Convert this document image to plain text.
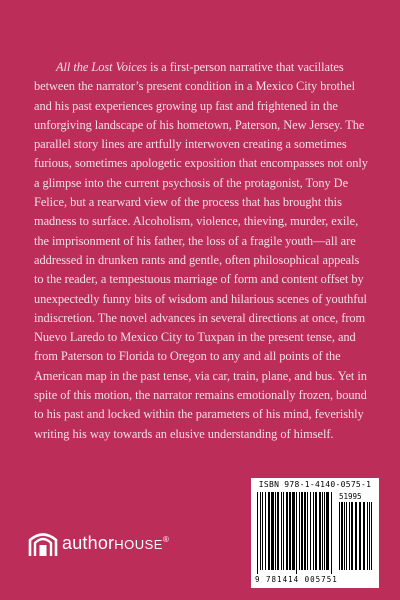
All the Lost Voices is a first-person narrative that vacillates between the narrator’s present condition in a Mexico City brothel and his past experiences growing up fast and frightened in the unforgiving landscape of his hometown, Paterson, New Jersey. The parallel story lines are artfully interwoven creating a sometimes furious, sometimes apologetic exposition that encompasses not only a glimpse into the current psychosis of the protagonist, Tony De Felice, but a rearward view of the process that has brought this madness to surface. Alcoholism, violence, thieving, murder, exile, the imprisonment of his father, the loss of a fragile youth—all are addressed in drunken rants and gentle, often philosophical appeals to the reader, a tempestuous marriage of form and content offset by unexpectedly funny bits of wisdom and hilarious scenes of youthful indiscretion. The novel advances in several directions at once, from Nuevo Laredo to Mexico City to Tuxpan in the present tense, and from Paterson to Florida to Oregon to any and all points of the American map in the past tense, via car, train, plane, and bus. Yet in spite of this motion, the narrator remains emotionally frozen, bound to his past and locked within the parameters of his mind, feverishly writing his way towards an elusive understanding of himself.

authorHOUSE®
ISBN 978-1-4140-0575-1
51995
9 781414 005751
